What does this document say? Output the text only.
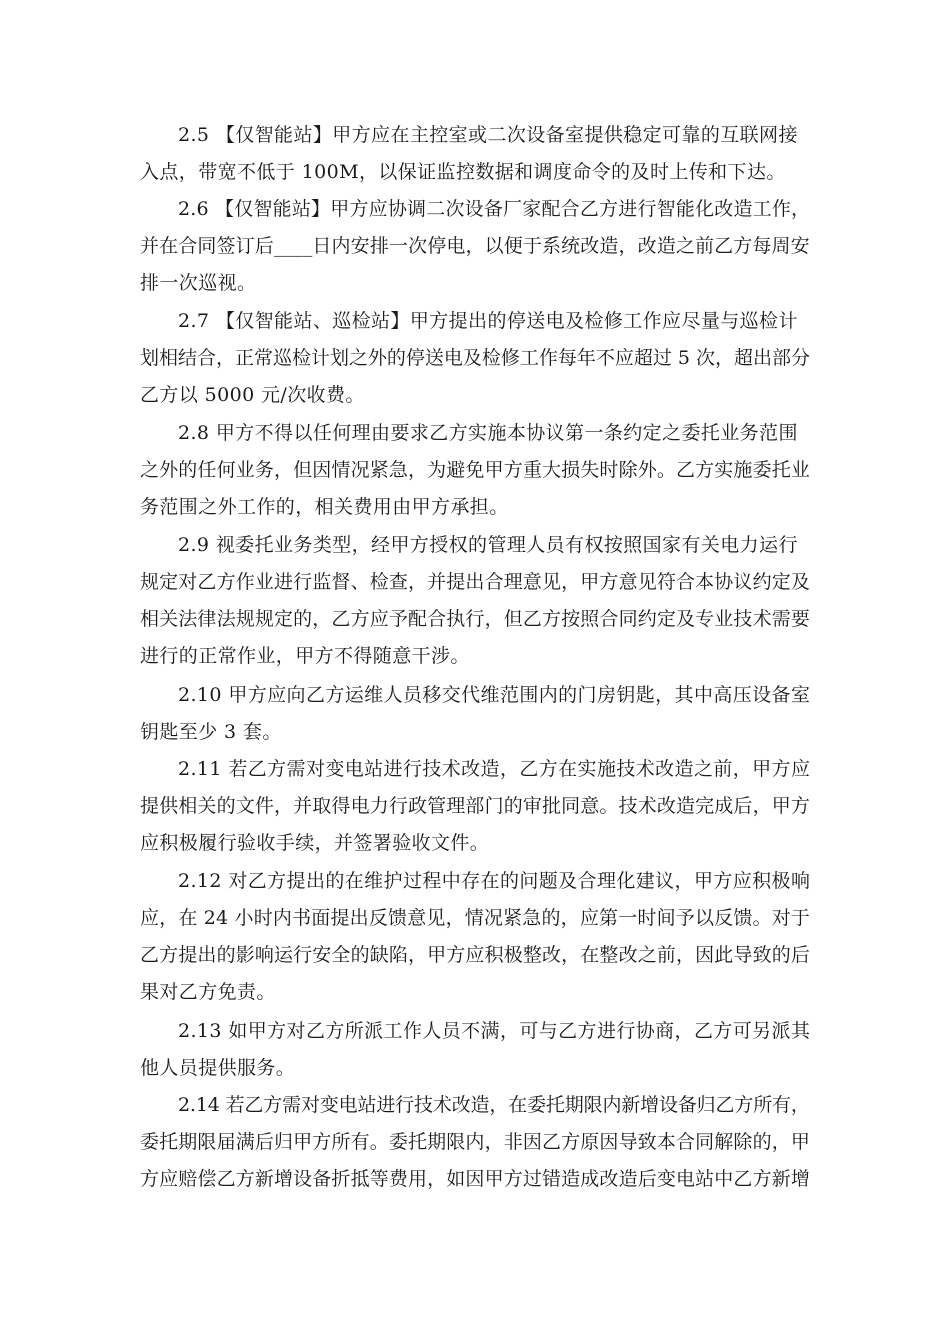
2.5 【仅智能站】甲方应在主控室或二次设备室提供稳定可靠的互联网接
入点，带宽不低于 100M，以保证监控数据和调度命令的及时上传和下达。

2.6 【仅智能站】甲方应协调二次设备厂家配合乙方进行智能化改造工作，
并在合同签订后____日内安排一次停电，以便于系统改造，改造之前乙方每周安
排一次巡视。

2.7 【仅智能站、巡检站】甲方提出的停送电及检修工作应尽量与巡检计
划相结合，正常巡检计划之外的停送电及检修工作每年不应超过 5 次，超出部分
乙方以 5000 元/次收费。

2.8 甲方不得以任何理由要求乙方实施本协议第一条约定之委托业务范围
之外的任何业务，但因情况紧急，为避免甲方重大损失时除外。乙方实施委托业
务范围之外工作的，相关费用由甲方承担。

2.9 视委托业务类型，经甲方授权的管理人员有权按照国家有关电力运行
规定对乙方作业进行监督、检查，并提出合理意见，甲方意见符合本协议约定及
相关法律法规规定的，乙方应予配合执行，但乙方按照合同约定及专业技术需要
进行的正常作业，甲方不得随意干涉。

2.10 甲方应向乙方运维人员移交代维范围内的门房钥匙，其中高压设备室
钥匙至少 3 套。

2.11 若乙方需对变电站进行技术改造，乙方在实施技术改造之前，甲方应
提供相关的文件，并取得电力行政管理部门的审批同意。技术改造完成后，甲方
应积极履行验收手续，并签署验收文件。

2.12 对乙方提出的在维护过程中存在的问题及合理化建议，甲方应积极响
应，在 24 小时内书面提出反馈意见，情况紧急的，应第一时间予以反馈。对于
乙方提出的影响运行安全的缺陷，甲方应积极整改，在整改之前，因此导致的后
果对乙方免责。

2.13 如甲方对乙方所派工作人员不满，可与乙方进行协商，乙方可另派其
他人员提供服务。

2.14 若乙方需对变电站进行技术改造，在委托期限内新增设备归乙方所有，
委托期限届满后归甲方所有。委托期限内，非因乙方原因导致本合同解除的，甲
方应赔偿乙方新增设备折抵等费用，如因甲方过错造成改造后变电站中乙方新增
